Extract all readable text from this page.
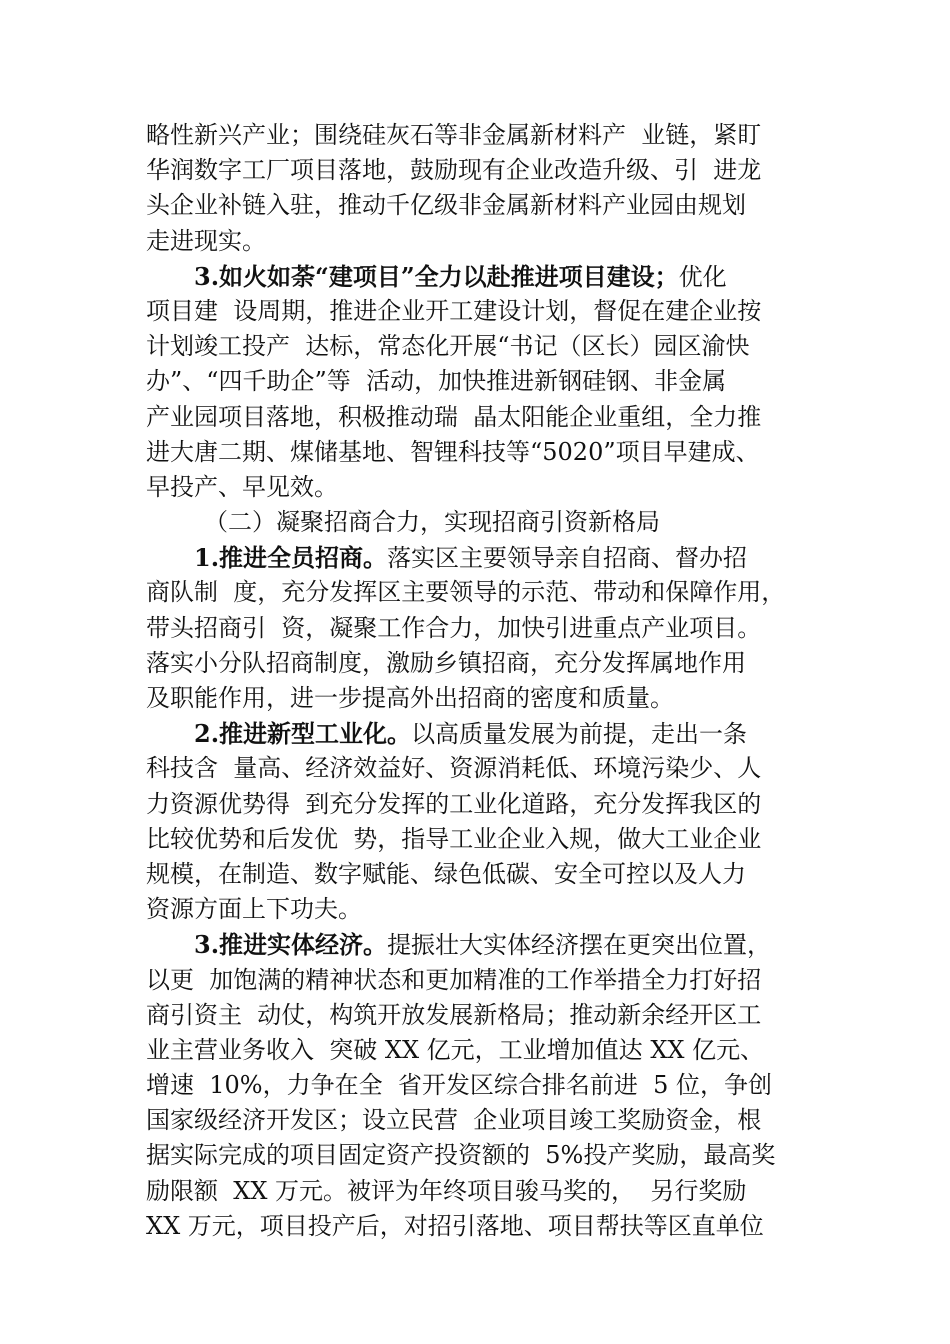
略性新兴产业；围绕硅灰石等非金属新材料产  业链，紧盯
华润数字工厂项目落地，鼓励现有企业改造升级、引  进龙
头企业补链入驻，推动千亿级非金属新材料产业园由规划
走进现实。
3.如火如荼“建项目”全力以赴推进项目建设；优化
项目建  设周期，推进企业开工建设计划，督促在建企业按
计划竣工投产  达标，常态化开展“书记（区长）园区渝快
办”、“四千助企”等  活动，加快推进新钢硅钢、非金属
产业园项目落地，积极推动瑞  晶太阳能企业重组，全力推
进大唐二期、煤储基地、智锂科技等“5020”项目早建成、
早投产、早见效。
（二）凝聚招商合力，实现招商引资新格局
1.推进全员招商。落实区主要领导亲自招商、督办招
商队制  度，充分发挥区主要领导的示范、带动和保障作用，
带头招商引  资，凝聚工作合力，加快引进重点产业项目。
落实小分队招商制度，激励乡镇招商，充分发挥属地作用
及职能作用，进一步提高外出招商的密度和质量。
2.推进新型工业化。以高质量发展为前提，走出一条
科技含  量高、经济效益好、资源消耗低、环境污染少、人
力资源优势得  到充分发挥的工业化道路，充分发挥我区的
比较优势和后发优  势，指导工业企业入规，做大工业企业
规模，在制造、数字赋能、绿色低碳、安全可控以及人力
资源方面上下功夫。
3.推进实体经济。提振壮大实体经济摆在更突出位置，
以更  加饱满的精神状态和更加精准的工作举措全力打好招
商引资主  动仗，构筑开放发展新格局；推动新余经开区工
业主营业务收入  突破 XX 亿元，工业增加值达 XX 亿元、
增速  10%，力争在全  省开发区综合排名前进  5 位，争创
国家级经济开发区；设立民营  企业项目竣工奖励资金，根
据实际完成的项目固定资产投资额的  5%投产奖励，最高奖
励限额  XX 万元。被评为年终项目骏马奖的，  另行奖励
XX 万元，项目投产后，对招引落地、项目帮扶等区直单位
